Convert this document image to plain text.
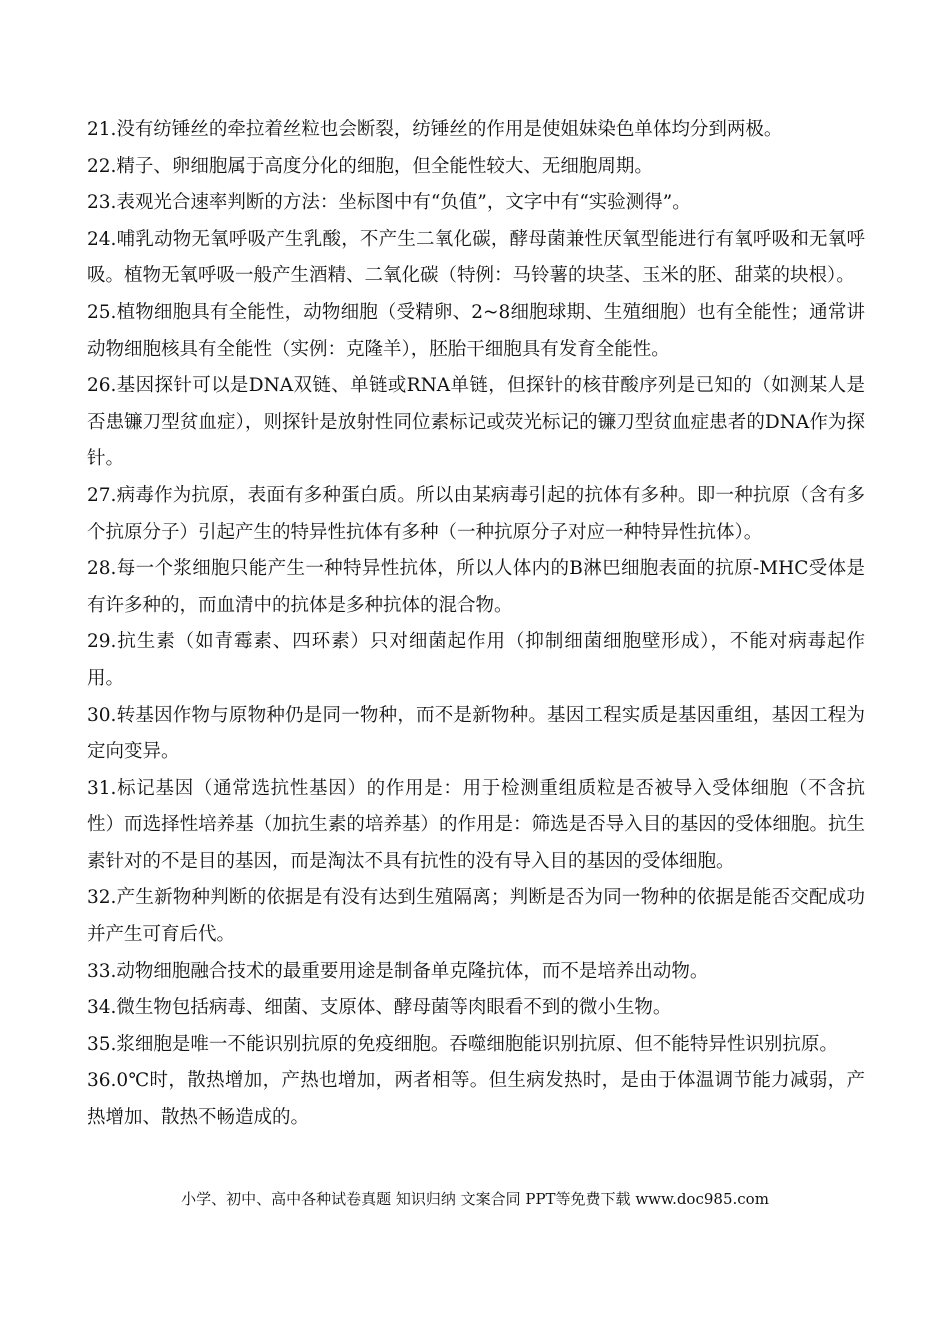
21.没有纺锤丝的牵拉着丝粒也会断裂，纺锤丝的作用是使姐妹染色单体均分到两极。

22.精子、卵细胞属于高度分化的细胞，但全能性较大、无细胞周期。

23.表观光合速率判断的方法：坐标图中有“负值”，文字中有“实验测得”。

24.哺乳动物无氧呼吸产生乳酸，不产生二氧化碳，酵母菌兼性厌氧型能进行有氧呼吸和无氧呼吸。植物无氧呼吸一般产生酒精、二氧化碳（特例：马铃薯的块茎、玉米的胚、甜菜的块根）。

25.植物细胞具有全能性，动物细胞（受精卵、2~8细胞球期、生殖细胞）也有全能性；通常讲动物细胞核具有全能性（实例：克隆羊），胚胎干细胞具有发育全能性。

26.基因探针可以是DNA双链、单链或RNA单链，但探针的核苷酸序列是已知的（如测某人是否患镰刀型贫血症），则探针是放射性同位素标记或荧光标记的镰刀型贫血症患者的DNA作为探针。

27.病毒作为抗原，表面有多种蛋白质。所以由某病毒引起的抗体有多种。即一种抗原（含有多个抗原分子）引起产生的特异性抗体有多种（一种抗原分子对应一种特异性抗体）。

28.每一个浆细胞只能产生一种特异性抗体，所以人体内的B淋巴细胞表面的抗原-MHC受体是有许多种的，而血清中的抗体是多种抗体的混合物。

29.抗生素（如青霉素、四环素）只对细菌起作用（抑制细菌细胞壁形成），不能对病毒起作用。

30.转基因作物与原物种仍是同一物种，而不是新物种。基因工程实质是基因重组，基因工程为定向变异。

31.标记基因（通常选抗性基因）的作用是：用于检测重组质粒是否被导入受体细胞（不含抗性）而选择性培养基（加抗生素的培养基）的作用是：筛选是否导入目的基因的受体细胞。抗生素针对的不是目的基因，而是淘汰不具有抗性的没有导入目的基因的受体细胞。

32.产生新物种判断的依据是有没有达到生殖隔离；判断是否为同一物种的依据是能否交配成功并产生可育后代。

33.动物细胞融合技术的最重要用途是制备单克隆抗体，而不是培养出动物。

34.微生物包括病毒、细菌、支原体、酵母菌等肉眼看不到的微小生物。

35.浆细胞是唯一不能识别抗原的免疫细胞。吞噬细胞能识别抗原、但不能特异性识别抗原。

36.0℃时，散热增加，产热也增加，两者相等。但生病发热时，是由于体温调节能力减弱，产热增加、散热不畅造成的。

小学、初中、高中各种试卷真题 知识归纳 文案合同 PPT等免费下载 www.doc985.com
